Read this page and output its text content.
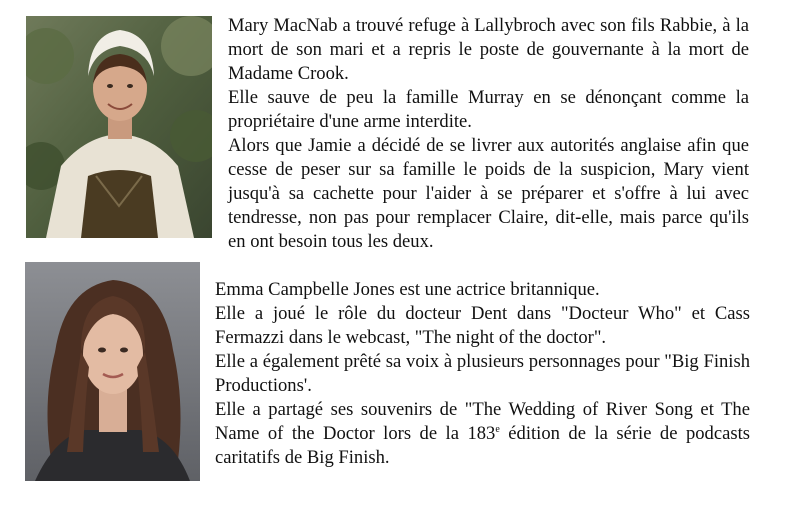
Mary MacNab a trouvé refuge à Lallybroch avec son fils Rabbie, à la mort de son mari et a repris le poste de gouvernante à la mort de Madame Crook.
Elle sauve de peu la famille Murray en se dénonçant comme la propriétaire d'une arme interdite.
Alors que Jamie a décidé de se livrer aux autorités anglaise afin que cesse de peser sur sa famille le poids de la suspicion, Mary vient jusqu'à sa cachette pour l'aider à se préparer et s'offre à lui avec tendresse, non pas pour remplacer Claire, dit-elle, mais parce qu'ils en ont besoin tous les deux.
Emma Campbelle Jones est une actrice britannique.
Elle a joué le rôle du docteur Dent dans "Docteur Who" et Cass Fermazzi dans le webcast, "The night of the doctor".
Elle a également prêté sa voix à plusieurs personnages pour "Big Finish Productions'.
Elle a partagé ses souvenirs de "The Wedding of River Song et The Name of the Doctor lors de la 183e édition de la série de podcasts caritatifs de Big Finish.
